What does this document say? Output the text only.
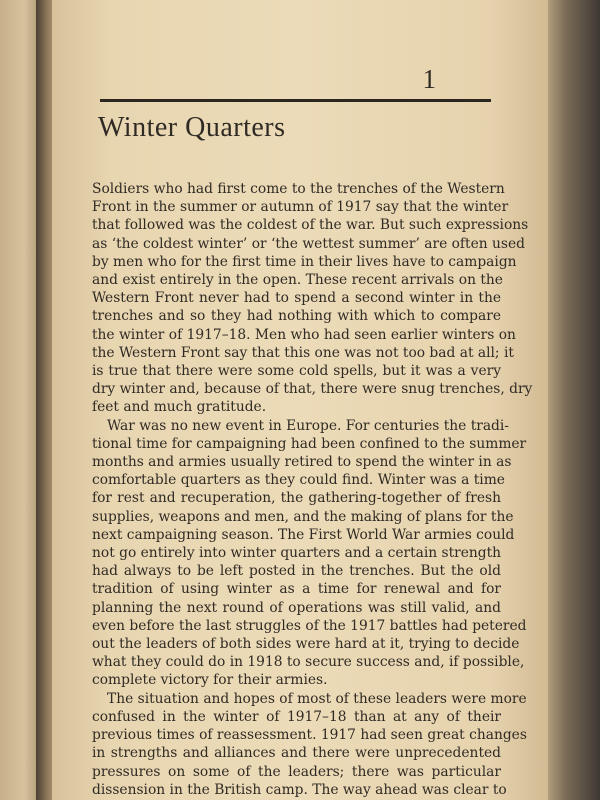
1
Winter Quarters

Soldiers who had first come to the trenches of the Western
Front in the summer or autumn of 1917 say that the winter
that followed was the coldest of the war. But such expressions
as ‘the coldest winter’ or ‘the wettest summer’ are often used
by men who for the first time in their lives have to campaign
and exist entirely in the open. These recent arrivals on the
Western Front never had to spend a second winter in the
trenches and so they had nothing with which to compare
the winter of 1917–18. Men who had seen earlier winters on
the Western Front say that this one was not too bad at all; it
is true that there were some cold spells, but it was a very
dry winter and, because of that, there were snug trenches, dry
feet and much gratitude.

War was no new event in Europe. For centuries the tradi-
tional time for campaigning had been confined to the summer
months and armies usually retired to spend the winter in as
comfortable quarters as they could find. Winter was a time
for rest and recuperation, the gathering-together of fresh
supplies, weapons and men, and the making of plans for the
next campaigning season. The First World War armies could
not go entirely into winter quarters and a certain strength
had always to be left posted in the trenches. But the old
tradition of using winter as a time for renewal and for
planning the next round of operations was still valid, and
even before the last struggles of the 1917 battles had petered
out the leaders of both sides were hard at it, trying to decide
what they could do in 1918 to secure success and, if possible,
complete victory for their armies.

The situation and hopes of most of these leaders were more
confused in the winter of 1917–18 than at any of their
previous times of reassessment. 1917 had seen great changes
in strengths and alliances and there were unprecedented
pressures on some of the leaders; there was particular
dissension in the British camp. The way ahead was clear to
